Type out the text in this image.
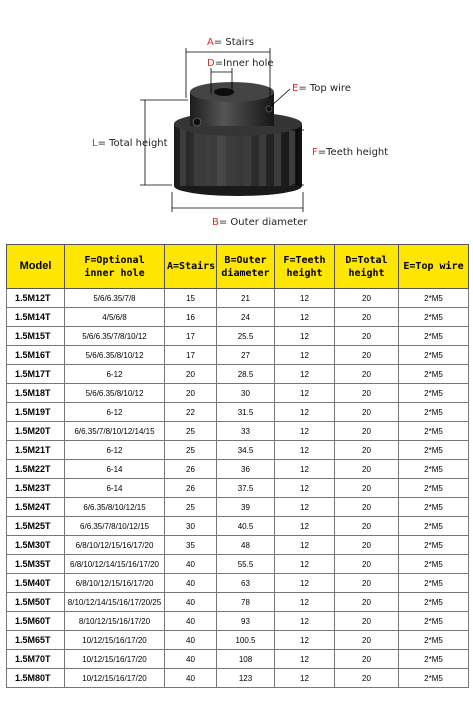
A= Stairs
D=Inner hole
E= Top wire
L= Total height
F=Teeth height
B= Outer diameter
Model	F=Optional inner hole	A=Stairs	B=Outer diameter	F=Teeth height	D=Total height	E=Top wire
1.5M12T	5/6/6.35/7/8	15	21	12	20	2*M5
1.5M14T	4/5/6/8	16	24	12	20	2*M5
1.5M15T	5/6/6.35/7/8/10/12	17	25.5	12	20	2*M5
1.5M16T	5/6/6.35/8/10/12	17	27	12	20	2*M5
1.5M17T	6-12	20	28.5	12	20	2*M5
1.5M18T	5/6/6.35/8/10/12	20	30	12	20	2*M5
1.5M19T	6-12	22	31.5	12	20	2*M5
1.5M20T	6/6.35/7/8/10/12/14/15	25	33	12	20	2*M5
1.5M21T	6-12	25	34.5	12	20	2*M5
1.5M22T	6-14	26	36	12	20	2*M5
1.5M23T	6-14	26	37.5	12	20	2*M5
1.5M24T	6/6.35/8/10/12/15	25	39	12	20	2*M5
1.5M25T	6/6.35/7/8/10/12/15	30	40.5	12	20	2*M5
1.5M30T	6/8/10/12/15/16/17/20	35	48	12	20	2*M5
1.5M35T	6/8/10/12/14/15/16/17/20	40	55.5	12	20	2*M5
1.5M40T	6/8/10/12/15/16/17/20	40	63	12	20	2*M5
1.5M50T	8/10/12/14/15/16/17/20/25	40	78	12	20	2*M5
1.5M60T	8/10/12/15/16/17/20	40	93	12	20	2*M5
1.5M65T	10/12/15/16/17/20	40	100.5	12	20	2*M5
1.5M70T	10/12/15/16/17/20	40	108	12	20	2*M5
1.5M80T	10/12/15/16/17/20	40	123	12	20	2*M5
